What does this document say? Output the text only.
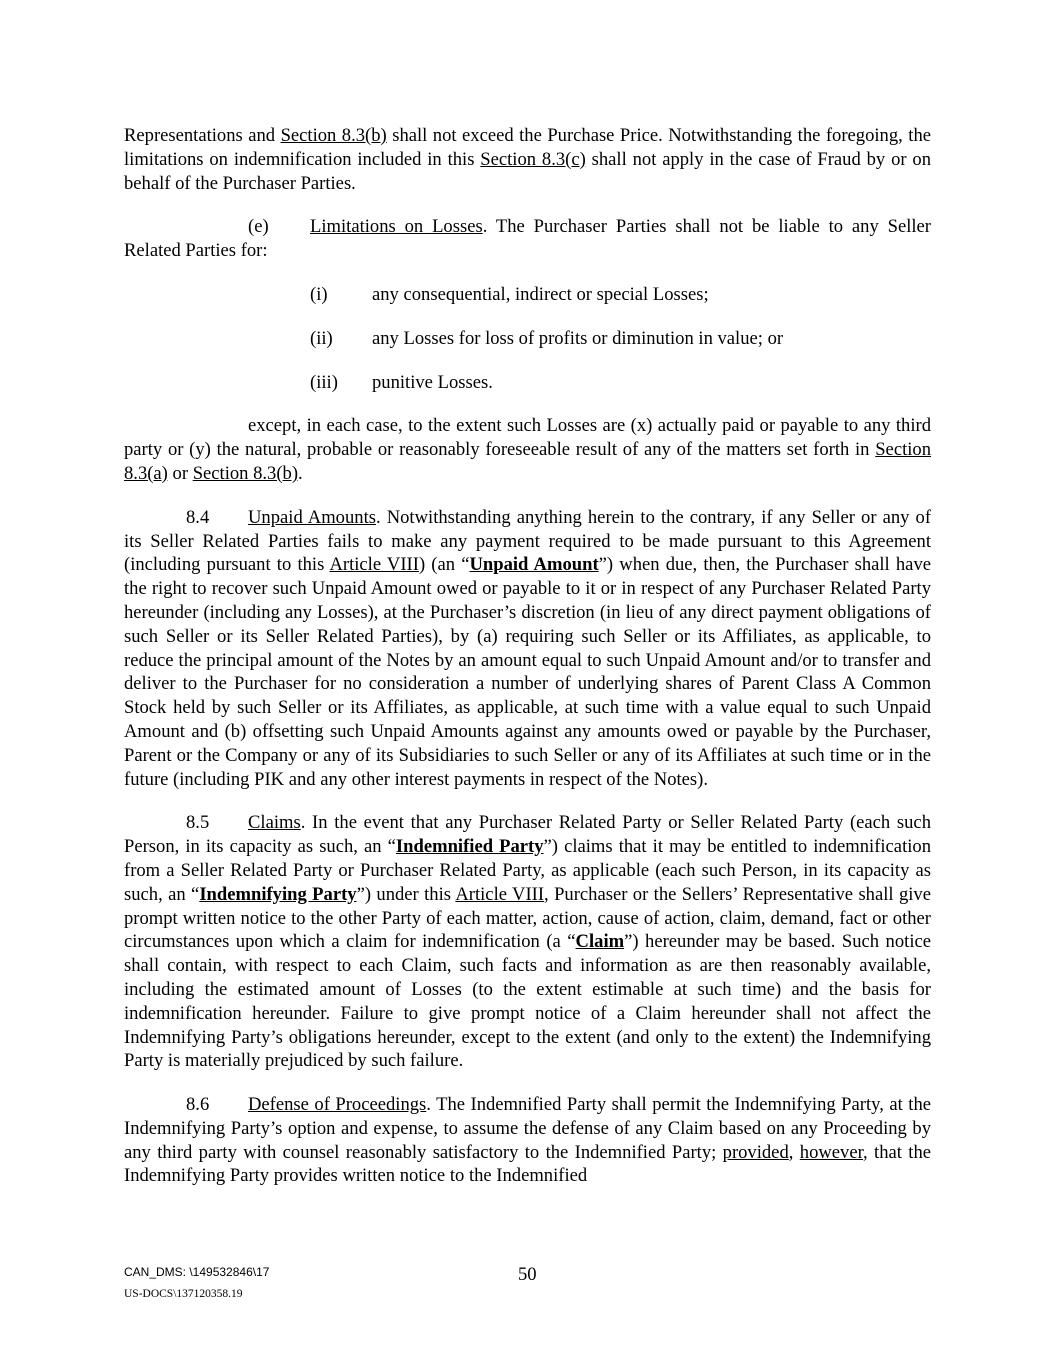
Representations and Section 8.3(b) shall not exceed the Purchase Price. Notwithstanding the foregoing, the limitations on indemnification included in this Section 8.3(c) shall not apply in the case of Fraud by or on behalf of the Purchaser Parties.

(e) Limitations on Losses. The Purchaser Parties shall not be liable to any Seller Related Parties for:

(i) any consequential, indirect or special Losses;
(ii) any Losses for loss of profits or diminution in value; or
(iii) punitive Losses.

except, in each case, to the extent such Losses are (x) actually paid or payable to any third party or (y) the natural, probable or reasonably foreseeable result of any of the matters set forth in Section 8.3(a) or Section 8.3(b).

8.4 Unpaid Amounts. Notwithstanding anything herein to the contrary, if any Seller or any of its Seller Related Parties fails to make any payment required to be made pursuant to this Agreement (including pursuant to this Article VIII) (an “Unpaid Amount”) when due, then, the Purchaser shall have the right to recover such Unpaid Amount owed or payable to it or in respect of any Purchaser Related Party hereunder (including any Losses), at the Purchaser’s discretion (in lieu of any direct payment obligations of such Seller or its Seller Related Parties), by (a) requiring such Seller or its Affiliates, as applicable, to reduce the principal amount of the Notes by an amount equal to such Unpaid Amount and/or to transfer and deliver to the Purchaser for no consideration a number of underlying shares of Parent Class A Common Stock held by such Seller or its Affiliates, as applicable, at such time with a value equal to such Unpaid Amount and (b) offsetting such Unpaid Amounts against any amounts owed or payable by the Purchaser, Parent or the Company or any of its Subsidiaries to such Seller or any of its Affiliates at such time or in the future (including PIK and any other interest payments in respect of the Notes).

8.5 Claims. In the event that any Purchaser Related Party or Seller Related Party (each such Person, in its capacity as such, an “Indemnified Party”) claims that it may be entitled to indemnification from a Seller Related Party or Purchaser Related Party, as applicable (each such Person, in its capacity as such, an “Indemnifying Party”) under this Article VIII, Purchaser or the Sellers’ Representative shall give prompt written notice to the other Party of each matter, action, cause of action, claim, demand, fact or other circumstances upon which a claim for indemnification (a “Claim”) hereunder may be based. Such notice shall contain, with respect to each Claim, such facts and information as are then reasonably available, including the estimated amount of Losses (to the extent estimable at such time) and the basis for indemnification hereunder. Failure to give prompt notice of a Claim hereunder shall not affect the Indemnifying Party’s obligations hereunder, except to the extent (and only to the extent) the Indemnifying Party is materially prejudiced by such failure.

8.6 Defense of Proceedings. The Indemnified Party shall permit the Indemnifying Party, at the Indemnifying Party’s option and expense, to assume the defense of any Claim based on any Proceeding by any third party with counsel reasonably satisfactory to the Indemnified Party; provided, however, that the Indemnifying Party provides written notice to the Indemnified

CAN_DMS: \149532846\17
US-DOCS\137120358.19
50
